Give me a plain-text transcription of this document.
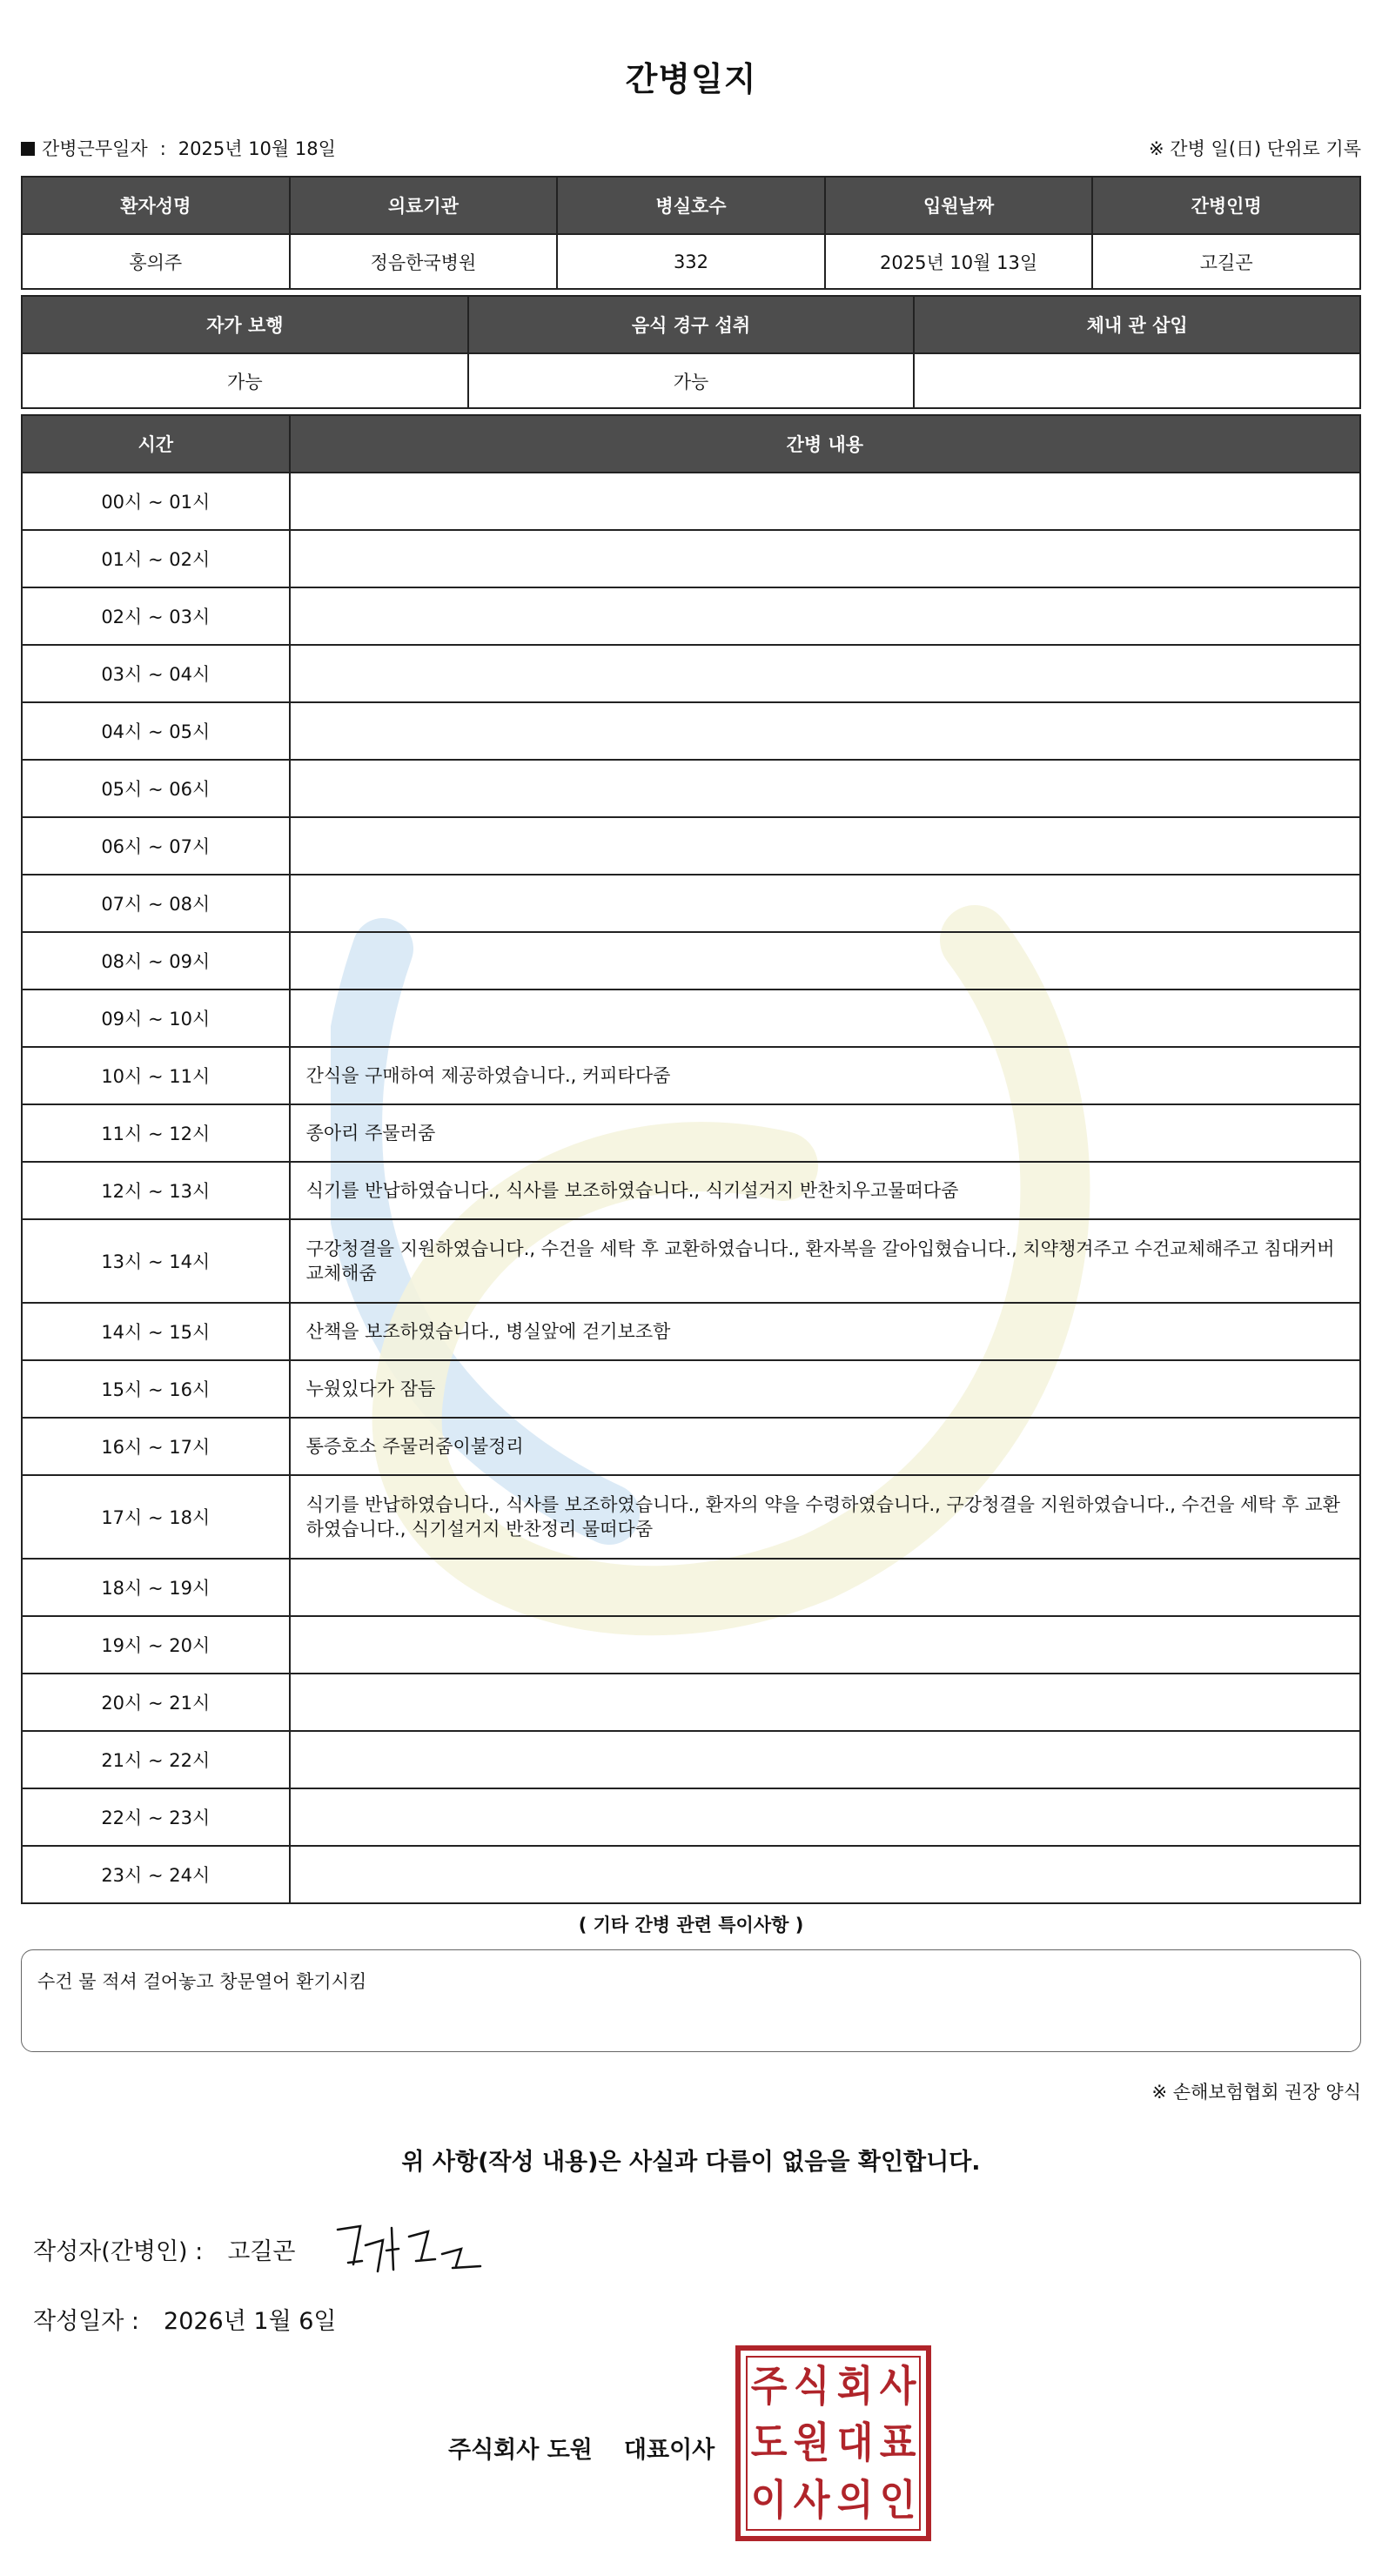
간병일지
간병근무일자 : 2025년 10월 18일	※ 간병 일(日) 단위로 기록
환자성명	의료기관	병실호수	입원날짜	간병인명
홍의주	정음한국병원	332	2025년 10월 13일	고길곤
자가 보행	음식 경구 섭취	체내 관 삽입
가능	가능	
시간	간병 내용
00시 ~ 01시	
01시 ~ 02시	
02시 ~ 03시	
03시 ~ 04시	
04시 ~ 05시	
05시 ~ 06시	
06시 ~ 07시	
07시 ~ 08시	
08시 ~ 09시	
09시 ~ 10시	
10시 ~ 11시	간식을 구매하여 제공하였습니다., 커피타다줌
11시 ~ 12시	종아리 주물러줌
12시 ~ 13시	식기를 반납하였습니다., 식사를 보조하였습니다., 식기설거지 반찬치우고물떠다줌
13시 ~ 14시	구강청결을 지원하였습니다., 수건을 세탁 후 교환하였습니다., 환자복을 갈아입혔습니다., 치약챙겨주고 수건교체해주고 침대커버교체해줌
14시 ~ 15시	산책을 보조하였습니다., 병실앞에 걷기보조함
15시 ~ 16시	누웠있다가 잠듬
16시 ~ 17시	통증호소 주물러줌이불정리
17시 ~ 18시	식기를 반납하였습니다., 식사를 보조하였습니다., 환자의 약을 수령하였습니다., 구강청결을 지원하였습니다., 수건을 세탁 후 교환하였습니다., 식기설거지 반찬정리 물떠다줌
18시 ~ 19시	
19시 ~ 20시	
20시 ~ 21시	
21시 ~ 22시	
22시 ~ 23시	
23시 ~ 24시	
( 기타 간병 관련 특이사항 )
수건 물 적셔 걸어놓고 창문열어 환기시킴
※ 손해보험협회 권장 양식
위 사항(작성 내용)은 사실과 다름이 없음을 확인합니다.
작성자(간병인) : 고길곤
작성일자 : 2026년 1월 6일
주식회사 도원 대표이사
주 식 회 사
도 원 대 표
이 사 의 인
